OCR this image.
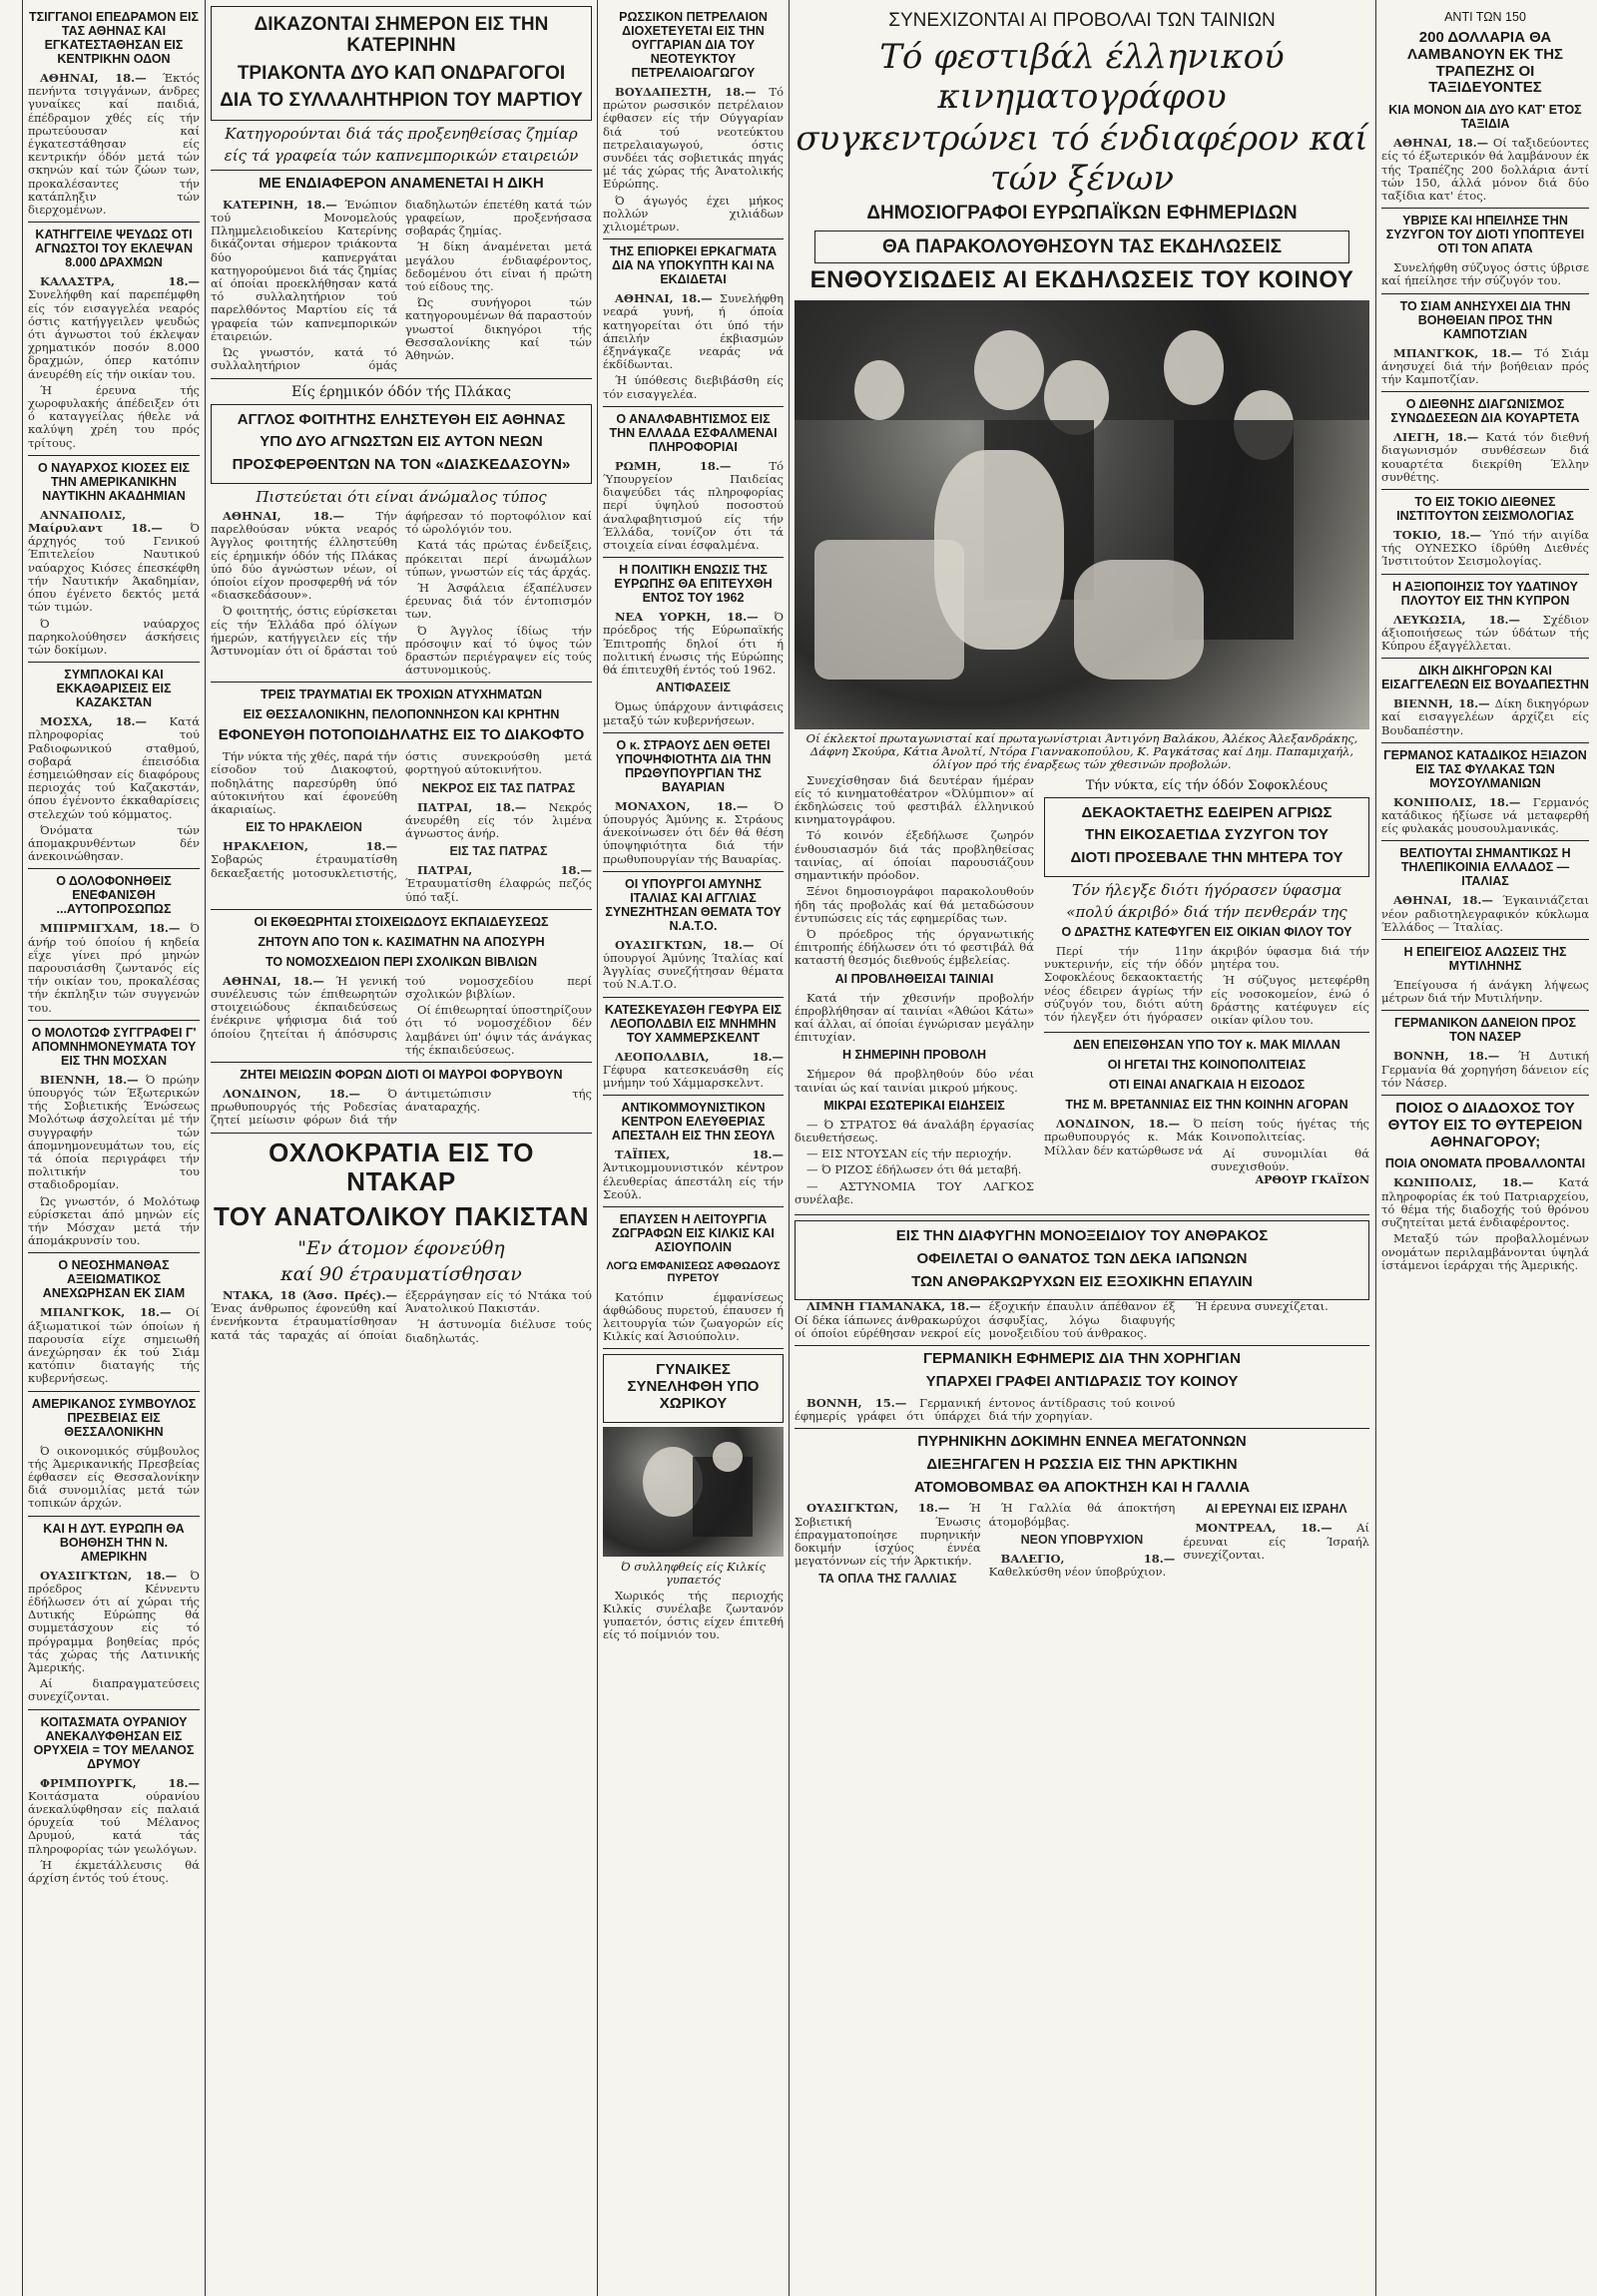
ΤΣΙΓΓΑΝΟΙ ΕΠΕΔΡΑΜΟΝ ΕΙΣ ΤΑΣ ΑΘΗΝΑΣ ΚΑΙ ΕΓΚΑΤΕΣΤΑΘΗΣΑΝ ΕΙΣ ΚΕΝΤΡΙΚΗΝ ΟΔΟΝ

ΑΘΗΝΑΙ, 18.— Έκτός πενήντα τσιγγάνων, άνδρες γυναίκες καί παιδιά, έπέδραμον χθές είς τήν πρωτεύουσαν καί έγκατεστάθησαν είς κεντρικήν όδόν μετά τών σκηνών καί τών ζώων των, προκαλέσαντες τήν κατάπληξιν τών διερχομένων.

ΚΑΤΗΓΓΕΙΛΕ ΨΕΥΔΩΣ ΟΤΙ ΑΓΝΩΣΤΟΙ ΤΟΥ ΕΚΛΕΨΑΝ 8.000 ΔΡΑΧΜΩΝ

ΚΑΛΑΣΤΡΑ, 18.— Συνελήφθη καί παρεπέμφθη είς τόν εισαγγελέα νεαρός όστις κατήγγειλεν ψευδώς ότι άγνωστοι τού έκλεψαν χρηματικόν ποσόν 8.000 δραχμών, όπερ κατόπιν άνευρέθη είς τήν οικίαν του.

Ή έρευνα τής χωροφυλακής άπέδειξεν ότι ό καταγγείλας ήθελε νά καλύψη χρέη του πρός τρίτους.

Ο ΝΑΥΑΡΧΟΣ ΚΙΟΣΕΣ ΕΙΣ ΤΗΝ ΑΜΕΡΙΚΑΝΙΚΗΝ ΝΑΥΤΙΚΗΝ ΑΚΑΔΗΜΙΑΝ

ΑΝΝΑΠΟΛΙΣ, Μαίρυλαντ 18.— Ό άρχηγός τού Γενικού Έπιτελείου Ναυτικού ναύαρχος Κιόσες έπεσκέφθη τήν Ναυτικήν Άκαδημίαν, όπου έγένετο δεκτός μετά τών τιμών.

Ό ναύαρχος παρηκολούθησεν άσκήσεις τών δοκίμων.

ΣΥΜΠΛΟΚΑΙ ΚΑΙ ΕΚΚΑΘΑΡΙΣΕΙΣ ΕΙΣ ΚΑΖΑΚΣΤΑΝ

ΜΟΣΧΑ, 18.— Κατά πληροφορίας τού Ραδιοφωνικού σταθμού, σοβαρά έπεισόδια έσημειώθησαν είς διαφόρους περιοχάς τού Καζακστάν, όπου έγένοντο έκκαθαρίσεις στελεχών τού κόμματος.

Όνόματα τών άπομακρυνθέντων δέν άνεκοινώθησαν.

Ο ΔΟΛΟΦΟΝΗΘΕΙΣ ΕΝΕΦΑΝΙΣΘΗ ...ΑΥΤΟΠΡΟΣΩΠΩΣ

ΜΠΙΡΜΙΓΧΑΜ, 18.— Ό άνήρ τού όποίου ή κηδεία εΐχε γίνει πρό μηνών παρουσιάσθη ζωντανός είς τήν οικίαν του, προκαλέσας τήν έκπληξιν τών συγγενών του.

Ο ΜΟΛΟΤΩΦ ΣΥΓΓΡΑΦΕΙ Γ' ΑΠΟΜΝΗΜΟΝΕΥΜΑΤΑ ΤΟΥ ΕΙΣ ΤΗΝ ΜΟΣΧΑΝ

ΒΙΕΝΝΗ, 18.— Ό πρώην ύπουργός τών Έξωτερικών τής Σοβιετικής Ένώσεως Μολότωφ άσχολείται μέ τήν συγγραφήν τών άπομνημονευμάτων του, είς τά όποία περιγράφει τήν πολιτικήν του σταδιοδρομίαν.

Ώς γνωστόν, ό Μολότωφ εύρίσκεται άπό μηνών είς τήν Μόσχαν μετά τήν άπομάκρυνσίν του.

Ο ΝΕΟΣΗΜΑΝΘΑΣ ΑΞΕΙΩΜΑΤΙΚΟΣ ΑΝΕΧΩΡΗΣΑΝ ΕΚ ΣΙΑΜ

ΜΠΑΝΓΚΟΚ, 18.— Οί άξιωματικοί τών όποίων ή παρουσία είχε σημειωθή άνεχώρησαν έκ τού Σιάμ κατόπιν διαταγής τής κυβερνήσεως.

ΑΜΕΡΙΚΑΝΟΣ ΣΥΜΒΟΥΛΟΣ ΠΡΕΣΒΕΙΑΣ ΕΙΣ ΘΕΣΣΑΛΟΝΙΚΗΝ

Ό οικονομικός σύμβουλος τής Άμερικανικής Πρεσβείας έφθασεν είς Θεσσαλονίκην διά συνομιλίας μετά τών τοπικών άρχών.

ΚΑΙ Η ΔΥΤ. ΕΥΡΩΠΗ ΘΑ ΒΟΗΘΗΣΗ ΤΗΝ Ν. ΑΜΕΡΙΚΗΝ

ΟΥΑΣΙΓΚΤΩΝ, 18.— Ό πρόεδρος Κέννεντυ έδήλωσεν ότι αί χώραι τής Δυτικής Εύρώπης θά συμμετάσχουν είς τό πρόγραμμα βοηθείας πρός τάς χώρας τής Λατινικής Άμερικής.

Αί διαπραγματεύσεις συνεχίζονται.

ΚΟΙΤΑΣΜΑΤΑ ΟΥΡΑΝΙΟΥ ΑΝΕΚΑΛΥΦΘΗΣΑΝ ΕΙΣ ΟΡΥΧΕΙΑ = ΤΟΥ ΜΕΛΑΝΟΣ ΔΡΥΜΟΥ

ΦΡΙΜΠΟΥΡΓΚ, 18.— Κοιτάσματα ούρανίου άνεκαλύφθησαν είς παλαιά όρυχεία τού Μέλανος Δρυμού, κατά τάς πληροφορίας τών γεωλόγων.

Ή έκμετάλλευσις θά άρχίση έντός τού έτους.

ΔΙΚΑΖΟΝΤΑΙ ΣΗΜΕΡΟΝ ΕΙΣ ΤΗΝ ΚΑΤΕΡΙΝΗΝ
ΤΡΙΑΚΟΝΤΑ ΔΥΟ ΚΑΠ ΟΝΔΡΑΓΟΓΟΙ
ΔΙΑ ΤΟ ΣΥΛΛΑΛΗΤΗΡΙΟΝ ΤΟΥ ΜΑΡΤΙΟΥ
Κατηγορούνται διά τάς προξενηθείσας ζημίαρ
είς τά γραφεία τών καπνεμπορικών εταιρειών
ΜΕ ΕΝΔΙΑΦΕΡΟΝ ΑΝΑΜΕΝΕΤΑΙ Η ΔΙΚΗ

ΚΑΤΕΡΙΝΗ, 18.— Ένώπιον τού Μονομελούς Πλημμελειοδικείου Κατερίνης δικάζονται σήμερον τριάκοντα δύο καπνεργάται κατηγορούμενοι διά τάς ζημίας αί όποίαι προεκλήθησαν κατά τό συλλαλητήριον τού παρελθόντος Μαρτίου είς τά γραφεία τών καπνεμπορικών έταιρειών.

Ώς γνωστόν, κατά τό συλλαλητήριον όμάς διαδηλωτών έπετέθη κατά τών γραφείων, προξενήσασα σοβαράς ζημίας.

Ή δίκη άναμένεται μετά μεγάλου ένδιαφέροντος, δεδομένου ότι είναι ή πρώτη τού είδους της.

Ώς συνήγοροι τών κατηγορουμένων θά παραστούν γνωστοί δικηγόροι τής Θεσσαλονίκης καί τών Άθηνών.

Είς έρημικόν όδόν τής Πλάκας
ΑΓΓΛΟΣ ΦΟΙΤΗΤΗΣ ΕΛΗΣΤΕΥΘΗ ΕΙΣ ΑΘΗΝΑΣ
ΥΠΟ ΔΥΟ ΑΓΝΩΣΤΩΝ ΕΙΣ ΑΥΤΟΝ ΝΕΩΝ
ΠΡΟΣΦΕΡΘΕΝΤΩΝ ΝΑ ΤΟΝ «ΔΙΑΣΚΕΔΑΣΟΥΝ»
Πιστεύεται ότι είναι άνώμαλος τύπος

ΑΘΗΝΑΙ, 18.— Τήν παρελθούσαν νύκτα νεαρός Άγγλος φοιτητής έλληστεύθη είς έρημικήν όδόν τής Πλάκας ύπό δύο άγνώστων νέων, οί όποίοι είχον προσφερθή νά τόν «διασκεδάσουν».

Ό φοιτητής, όστις εύρίσκεται είς τήν Έλλάδα πρό όλίγων ήμερών, κατήγγειλεν είς τήν Άστυνομίαν ότι οί δράσται τού άφήρεσαν τό πορτοφόλιον καί τό ώρολόγιόν του.

Κατά τάς πρώτας ένδείξεις, πρόκειται περί άνωμάλων τύπων, γνωστών είς τάς άρχάς.

Ή Άσφάλεια έξαπέλυσεν έρευνας διά τόν έντοπισμόν των.

Ό Άγγλος ίδίως τήν πρόσοψιν καί τό ύψος τών δραστών περιέγραψεν είς τούς άστυνομικούς.

ΤΡΕΙΣ ΤΡΑΥΜΑΤΙΑΙ ΕΚ ΤΡΟΧΙΩΝ ΑΤΥΧΗΜΑΤΩΝ
ΕΙΣ ΘΕΣΣΑΛΟΝΙΚΗΝ, ΠΕΛΟΠΟΝΝΗΣΟΝ ΚΑΙ ΚΡΗΤΗΝ
ΕΦΟΝΕΥΘΗ ΠΟΤΟΠΟΙΔΗΛΑΤΗΣ ΕΙΣ ΤΟ ΔΙΑΚΟΦΤΟ

Τήν νύκτα τής χθές, παρά τήν είσοδον τού Διακοφτού, ποδηλάτης παρεσύρθη ύπό αύτοκινήτου καί έφονεύθη άκαριαίως.

ΕΙΣ ΤΟ ΗΡΑΚΛΕΙΟΝ

ΗΡΑΚΛΕΙΟΝ, 18.— Σοβαρώς έτραυματίσθη δεκαεξαετής μοτοσυκλετιστής, όστις συνεκρούσθη μετά φορτηγού αύτοκινήτου.

ΝΕΚΡΟΣ ΕΙΣ ΤΑΣ ΠΑΤΡΑΣ

ΠΑΤΡΑΙ, 18.— Νεκρός άνευρέθη είς τόν λιμένα άγνωστος άνήρ.

ΕΙΣ ΤΑΣ ΠΑΤΡΑΣ

ΠΑΤΡΑΙ, 18.— Έτραυματίσθη έλαφρώς πεζός ύπό ταξί.

ΟΙ ΕΚΘΕΩΡΗΤΑΙ ΣΤΟΙΧΕΙΩΔΟΥΣ ΕΚΠΑΙΔΕΥΣΕΩΣ
ΖΗΤΟΥΝ ΑΠΟ ΤΟΝ κ. ΚΑΣΙΜΑΤΗΝ ΝΑ ΑΠΟΣΥΡΗ
ΤΟ ΝΟΜΟΣΧΕΔΙΟΝ ΠΕΡΙ ΣΧΟΛΙΚΩΝ ΒΙΒΛΙΩΝ

ΑΘΗΝΑΙ, 18.— Ή γενική συνέλευσις τών έπιθεωρητών στοιχειώδους έκπαιδεύσεως ένέκρινε ψήφισμα διά τού όποίου ζητείται ή άπόσυρσις τού νομοσχεδίου περί σχολικών βιβλίων.

Οί έπιθεωρηταί ύποστηρίζουν ότι τό νομοσχέδιον δέν λαμβάνει ύπ' όψιν τάς άνάγκας τής έκπαιδεύσεως.

ΖΗΤΕΙ ΜΕΙΩΣΙΝ ΦΟΡΩΝ ΔΙΟΤΙ ΟΙ ΜΑΥΡΟΙ ΦΟΡΥΒΟΥΝ

ΛΟΝΔΙΝΟΝ, 18.— Ό πρωθυπουργός τής Ροδεσίας ζητεί μείωσιν φόρων διά τήν άντιμετώπισιν τής άναταραχής.

ΟΧΛΟΚΡΑΤΙΑ ΕΙΣ ΤΟ ΝΤΑΚΑΡ
ΤΟΥ ΑΝΑΤΟΛΙΚΟΥ ΠΑΚΙΣΤΑΝ
"Εν άτομον έφονεύθη
καί 90 έτραυματίσθησαν

ΝΤΑΚΑ, 18 (Άσσ. Πρές).— Ένας άνθρωπος έφονεύθη καί ένενήκοντα έτραυματίσθησαν κατά τάς ταραχάς αί όποίαι έξερράγησαν είς τό Ντάκα τού Άνατολικού Πακιστάν.

Ή άστυνομία διέλυσε τούς διαδηλωτάς.

ΡΩΣΣΙΚΟΝ ΠΕΤΡΕΛΑΙΟΝ ΔΙΟΧΕΤΕΥΕΤΑΙ ΕΙΣ ΤΗΝ ΟΥΓΓΑΡΙΑΝ ΔΙΑ ΤΟΥ ΝΕΟΤΕΥΚΤΟΥ ΠΕΤΡΕΛΑΙΟΑΓΩΓΟΥ

ΒΟΥΔΑΠΕΣΤΗ, 18.— Τό πρώτον ρωσσικόν πετρέλαιον έφθασεν είς τήν Ούγγαρίαν διά τού νεοτεύκτου πετρελαιαγωγού, όστις συνδέει τάς σοβιετικάς πηγάς μέ τάς χώρας τής Άνατολικής Εύρώπης.

Ό άγωγός έχει μήκος πολλών χιλιάδων χιλιομέτρων.

ΤΗΣ ΕΠΙΟΡΚΕΙ ΕΡΚΑΓΜΑΤΑ ΔΙΑ ΝΑ ΥΠΟΚΥΠΤΗ ΚΑΙ ΝΑ ΕΚΔΙΔΕΤΑΙ

ΑΘΗΝΑΙ, 18.— Συνελήφθη νεαρά γυνή, ή όποία κατηγορείται ότι ύπό τήν άπειλήν έκβιασμών έξηνάγκαζε νεαράς νά έκδίδωνται.

Ή ύπόθεσις διεβιβάσθη είς τόν εισαγγελέα.

Ο ΑΝΑΛΦΑΒΗΤΙΣΜΟΣ ΕΙΣ ΤΗΝ ΕΛΛΑΔΑ ΕΣΦΑΛΜΕΝΑΙ ΠΛΗΡΟΦΟΡΙΑΙ

ΡΩΜΗ, 18.— Τό Ύπουργείον Παιδείας διαψεύδει τάς πληροφορίας περί ύψηλού ποσοστού άναλφαβητισμού είς τήν Έλλάδα, τονίζον ότι τά στοιχεία είναι έσφαλμένα.

Η ΠΟΛΙΤΙΚΗ ΕΝΩΣΙΣ ΤΗΣ ΕΥΡΩΠΗΣ ΘΑ ΕΠΙΤΕΥΧΘΗ ΕΝΤΟΣ ΤΟΥ 1962

ΝΕΑ ΥΟΡΚΗ, 18.— Ό πρόεδρος τής Εύρωπαϊκής Έπιτροπής δηλοί ότι ή πολιτική ένωσις τής Εύρώπης θά έπιτευχθή έντός τού 1962.

ΑΝΤΙΦΑΣΕΙΣ

Όμως ύπάρχουν άντιφάσεις μεταξύ τών κυβερνήσεων.

Ο κ. ΣΤΡΑΟΥΣ ΔΕΝ ΘΕΤΕΙ ΥΠΟΨΗΦΙΟΤΗΤΑ ΔΙΑ ΤΗΝ ΠΡΩΘΥΠΟΥΡΓΙΑΝ ΤΗΣ ΒΑΥΑΡΙΑΝ

ΜΟΝΑΧΟΝ, 18.— Ό ύπουργός Άμύνης κ. Στράους άνεκοίνωσεν ότι δέν θά θέση ύποψηφιότητα διά τήν πρωθυπουργίαν τής Βαυαρίας.

ΟΙ ΥΠΟΥΡΓΟΙ ΑΜΥΝΗΣ ΙΤΑΛΙΑΣ ΚΑΙ ΑΓΓΛΙΑΣ ΣΥΝΕΖΗΤΗΣΑΝ ΘΕΜΑΤΑ ΤΟΥ Ν.Α.Τ.Ο.

ΟΥΑΣΙΓΚΤΩΝ, 18.— Οί ύπουργοί Άμύνης Ίταλίας καί Άγγλίας συνεζήτησαν θέματα τού Ν.Α.Τ.Ο.

ΚΑΤΕΣΚΕΥΑΣΘΗ ΓΕΦΥΡΑ ΕΙΣ ΛΕΟΠΟΛΔΒΙΛ ΕΙΣ ΜΝΗΜΗΝ ΤΟΥ ΧΑΜΜΕΡΣΚΕΛΝΤ

ΛΕΟΠΟΛΔΒΙΛ, 18.— Γέφυρα κατεσκευάσθη είς μνήμην τού Χάμμαρσκελντ.

ΑΝΤΙΚΟΜΜΟΥΝΙΣΤΙΚΟΝ ΚΕΝΤΡΟΝ ΕΛΕΥΘΕΡΙΑΣ ΑΠΕΣΤΑΛΗ ΕΙΣ ΤΗΝ ΣΕΟΥΛ

ΤΑΪΠΕΧ, 18.— Άντικομμουνιστικόν κέντρον έλευθερίας άπεστάλη είς τήν Σεούλ.

ΕΠΑΥΣΕΝ Η ΛΕΙΤΟΥΡΓΙΑ ΖΩΓΡΑΦΩΝ ΕΙΣ ΚΙΛΚΙΣ ΚΑΙ ΑΣΙΟΥΠΟΛΙΝ
ΛΟΓΩ ΕΜΦΑΝΙΣΕΩΣ ΑΦΘΩΔΟΥΣ ΠΥΡΕΤΟΥ

Κατόπιν έμφανίσεως άφθώδους πυρετού, έπαυσεν ή λειτουργία τών ζωαγορών είς Κιλκίς καί Άσιούπολιν.

ΓΥΝΑΙΚΕΣ ΣΥΝΕΛΗΦΘΗ ΥΠΟ ΧΩΡΙΚΟΥ
Ό συλληφθείς είς Κιλκίς γυπαετός

Χωρικός τής περιοχής Κιλκίς συνέλαβε ζωντανόν γυπαετόν, όστις είχεν έπιτεθή είς τό ποίμνιόν του.

ΣΥΝΕΧΙΖΟΝΤΑΙ ΑΙ ΠΡΟΒΟΛΑΙ ΤΩΝ ΤΑΙΝΙΩΝ
Τό φεστιβάλ έλληνικού κινηματογράφου
συγκεντρώνει τό ένδιαφέρον καί τών ξένων
ΔΗΜΟΣΙΟΓΡΑΦΟΙ ΕΥΡΩΠΑΪΚΩΝ ΕΦΗΜΕΡΙΔΩΝ
ΘΑ ΠΑΡΑΚΟΛΟΥΘΗΣΟΥΝ ΤΑΣ ΕΚΔΗΛΩΣΕΙΣ
ΕΝΘΟΥΣΙΩΔΕΙΣ ΑΙ ΕΚΔΗΛΩΣΕΙΣ ΤΟΥ ΚΟΙΝΟΥ
Οί έκλεκτοί πρωταγωνισταί καί πρωταγωνίστριαι Άντιγόνη Βαλάκου, Άλέκος Άλεξανδράκης, Δάφνη Σκούρα, Κάτια Άνολτί, Ντόρα Γιαννακοπούλου, Κ. Ραγκάτσας καί Δημ. Παπαμιχαήλ, όλίγον πρό τής έναρξεως τών χθεσινών προβολών.

Συνεχίσθησαν διά δευτέραν ήμέραν είς τό κινηματοθέατρον «Όλύμπιον» αί έκδηλώσεις τού φεστιβάλ έλληνικού κινηματογράφου.

Τό κοινόν έξεδήλωσε ζωηρόν ένθουσιασμόν διά τάς προβληθείσας ταινίας, αί όποίαι παρουσιάζουν σημαντικήν πρόοδον.

Ξένοι δημοσιογράφοι παρακολουθούν ήδη τάς προβολάς καί θά μεταδώσουν έντυπώσεις είς τάς εφημερίδας των.

Ό πρόεδρος τής όργανωτικής έπιτροπής έδήλωσεν ότι τό φεστιβάλ θά καταστή θεσμός διεθνούς έμβελείας.

ΑΙ ΠΡΟΒΛΗΘΕΙΣΑΙ ΤΑΙΝΙΑΙ

Κατά τήν χθεσινήν προβολήν έπροβλήθησαν αί ταινίαι «Άθώοι Κάτω» καί άλλαι, αί όποίαι έγνώρισαν μεγάλην έπιτυχίαν.

Η ΣΗΜΕΡΙΝΗ ΠΡΟΒΟΛΗ

Σήμερον θά προβληθούν δύο νέαι ταινίαι ώς καί ταινίαι μικρού μήκους.

ΜΙΚΡΑΙ ΕΣΩΤΕΡΙΚΑΙ ΕΙΔΗΣΕΙΣ

— Ό ΣΤΡΑΤΟΣ θά άναλάβη έργασίας διευθετήσεως.

— ΕΙΣ ΝΤΟΥΣΑΝ είς τήν περιοχήν.

— Ό ΡΙΖΟΣ έδήλωσεν ότι θά μεταβή.

— ΑΣΤΥΝΟΜΙΑ ΤΟΥ ΛΑΓΚΟΣ συνέλαβε.

Τήν νύκτα, είς τήν όδόν Σοφοκλέους
ΔΕΚΑΟΚΤΑΕΤΗΣ ΕΔΕΙΡΕΝ ΑΓΡΙΩΣ
ΤΗΝ ΕΙΚΟΣΑΕΤΙΔΑ ΣΥΖΥΓΟΝ ΤΟΥ
ΔΙΟΤΙ ΠΡΟΣΕΒΑΛΕ ΤΗΝ ΜΗΤΕΡΑ ΤΟΥ
Τόν ήλεγξε διότι ήγόρασεν ύφασμα
«πολύ άκριβό» διά τήν πενθεράν της
Ο ΔΡΑΣΤΗΣ ΚΑΤΕΦΥΓΕΝ ΕΙΣ ΟΙΚΙΑΝ ΦΙΛΟΥ ΤΟΥ

Περί τήν 11ην νυκτερινήν, είς τήν όδόν Σοφοκλέους δεκαοκταετής νέος έδειρεν άγρίως τήν σύζυγόν του, διότι αύτη τόν ήλεγξεν ότι ήγόρασεν άκριβόν ύφασμα διά τήν μητέρα του.

Ή σύζυγος μετεφέρθη είς νοσοκομείον, ένώ ό δράστης κατέφυγεν είς οικίαν φίλου του.

ΔΕΝ ΕΠΕΙΣΘΗΣΑΝ ΥΠΟ ΤΟΥ κ. ΜΑΚ ΜΙΛΛΑΝ
ΟΙ ΗΓΕΤΑΙ ΤΗΣ ΚΟΙΝΟΠΟΛΙΤΕΙΑΣ
ΟΤΙ ΕΙΝΑΙ ΑΝΑΓΚΑΙΑ Η ΕΙΣΟΔΟΣ
ΤΗΣ Μ. ΒΡΕΤΑΝΝΙΑΣ ΕΙΣ ΤΗΝ ΚΟΙΝΗΝ ΑΓΟΡΑΝ

ΛΟΝΔΙΝΟΝ, 18.— Ό πρωθυπουργός κ. Μάκ Μίλλαν δέν κατώρθωσε νά πείση τούς ήγέτας τής Κοινοπολιτείας.

Αί συνομιλίαι θά συνεχισθούν.

ΑΡΘΟΥΡ ΓΚΑΪΣΟΝ
ΕΙΣ ΤΗΝ ΔΙΑΦΥΓΗΝ ΜΟΝΟΞΕΙΔΙΟΥ ΤΟΥ ΑΝΘΡΑΚΟΣ
ΟΦΕΙΛΕΤΑΙ Ο ΘΑΝΑΤΟΣ ΤΩΝ ΔΕΚΑ ΙΑΠΩΝΩΝ
ΤΩΝ ΑΝΘΡΑΚΩΡΥΧΩΝ ΕΙΣ ΕΞΟΧΙΚΗΝ ΕΠΑΥΛΙΝ

ΛΙΜΝΗ ΓΙΑΜΑΝΑΚΑ, 18.— Οί δέκα ίάπωνες άνθρακωρύχοι οί όποίοι εύρέθησαν νεκροί είς έξοχικήν έπαυλιν άπέθανον έξ άσφυξίας, λόγω διαφυγής μονοξειδίου τού άνθρακος.

Ή έρευνα συνεχίζεται.

ΓΕΡΜΑΝΙΚΗ ΕΦΗΜΕΡΙΣ ΔΙΑ ΤΗΝ ΧΟΡΗΓΙΑΝ
ΥΠΑΡΧΕΙ ΓΡΑΦΕΙ ΑΝΤΙΔΡΑΣΙΣ ΤΟΥ ΚΟΙΝΟΥ

ΒΟΝΝΗ, 15.— Γερμανική έφημερίς γράφει ότι ύπάρχει έντονος άντίδρασις τού κοινού διά τήν χορηγίαν.

ΠΥΡΗΝΙΚΗΝ ΔΟΚΙΜΗΝ ΕΝΝΕΑ ΜΕΓΑΤΟΝΝΩΝ
ΔΙΕΞΗΓΑΓΕΝ Η ΡΩΣΣΙΑ ΕΙΣ ΤΗΝ ΑΡΚΤΙΚΗΝ
ΑΤΟΜΟΒΟΜΒΑΣ ΘΑ ΑΠΟΚΤΗΣΗ ΚΑΙ Η ΓΑΛΛΙΑ

ΟΥΑΣΙΓΚΤΩΝ, 18.— Ή Σοβιετική Ένωσις έπραγματοποίησε πυρηνικήν δοκιμήν ίσχύος έννέα μεγατόννων είς τήν Άρκτικήν.

ΤΑ ΟΠΛΑ ΤΗΣ ΓΑΛΛΙΑΣ

Ή Γαλλία θά άποκτήση άτομοβόμβας.

ΝΕΟΝ ΥΠΟΒΡΥΧΙΟΝ

ΒΑΛΕΓΙΟ, 18.— Καθελκύσθη νέον ύποβρύχιον.

ΑΙ ΕΡΕΥΝΑΙ ΕΙΣ ΙΣΡΑΗΛ

ΜΟΝΤΡΕΑΛ, 18.— Αί έρευναι είς Ίσραήλ συνεχίζονται.

ΑΝΤΙ ΤΩΝ 150
200 ΔΟΛΛΑΡΙΑ ΘΑ ΛΑΜΒΑΝΟΥΝ ΕΚ ΤΗΣ ΤΡΑΠΕΖΗΣ ΟΙ ΤΑΞΙΔΕΥΟΝΤΕΣ
ΚΙΑ ΜΟΝΟΝ ΔΙΑ ΔΥΟ ΚΑΤ' ΕΤΟΣ ΤΑΞΙΔΙΑ

ΑΘΗΝΑΙ, 18.— Οί ταξιδεύοντες είς τό έξωτερικόν θά λαμβάνουν έκ τής Τραπέζης 200 δολλάρια άντί τών 150, άλλά μόνον διά δύο ταξίδια κατ' έτος.

ΥΒΡΙΣΕ ΚΑΙ ΗΠΕΙΛΗΣΕ ΤΗΝ ΣΥΖΥΓΟΝ ΤΟΥ ΔΙΟΤΙ ΥΠΟΠΤΕΥΕΙ ΟΤΙ ΤΟΝ ΑΠΑΤΑ

Συνελήφθη σύζυγος όστις ύβρισε καί ήπείλησε τήν σύζυγόν του.

ΤΟ ΣΙΑΜ ΑΝΗΣΥΧΕΙ ΔΙΑ ΤΗΝ ΒΟΗΘΕΙΑΝ ΠΡΟΣ ΤΗΝ ΚΑΜΠΟΤΖΙΑΝ

ΜΠΑΝΓΚΟΚ, 18.— Τό Σιάμ άνησυχεί διά τήν βοήθειαν πρός τήν Καμποτζίαν.

Ο ΔΙΕΘΝΗΣ ΔΙΑΓΩΝΙΣΜΟΣ ΣΥΝΩΔΕΣΕΩΝ ΔΙΑ ΚΟΥΑΡΤΕΤΑ

ΛΙΕΓΗ, 18.— Κατά τόν διεθνή διαγωνισμόν συνθέσεων διά κουαρτέτα διεκρίθη Έλλην συνθέτης.

ΤΟ ΕΙΣ ΤΟΚΙΟ ΔΙΕΘΝΕΣ ΙΝΣΤΙΤΟΥΤΟΝ ΣΕΙΣΜΟΛΟΓΙΑΣ

ΤΟΚΙΟ, 18.— Ύπό τήν αιγίδα τής ΟΥΝΕΣΚΟ ίδρύθη Διεθνές Ίνστιτούτον Σεισμολογίας.

Η ΑΞΙΟΠΟΙΗΣΙΣ ΤΟΥ ΥΔΑΤΙΝΟΥ ΠΛΟΥΤΟΥ ΕΙΣ ΤΗΝ ΚΥΠΡΟΝ

ΛΕΥΚΩΣΙΑ, 18.— Σχέδιον άξιοποιήσεως τών ύδάτων τής Κύπρου έξαγγέλλεται.

ΔΙΚΗ ΔΙΚΗΓΟΡΩΝ ΚΑΙ ΕΙΣΑΓΓΕΛΕΩΝ ΕΙΣ ΒΟΥΔΑΠΕΣΤΗΝ

ΒΙΕΝΝΗ, 18.— Δίκη δικηγόρων καί εισαγγελέων άρχίζει είς Βουδαπέστην.

ΓΕΡΜΑΝΟΣ ΚΑΤΑΔΙΚΟΣ ΗΞΙΑΖΟΝ ΕΙΣ ΤΑΣ ΦΥΛΑΚΑΣ ΤΩΝ ΜΟΥΣΟΥΛΜΑΝΙΩΝ

ΚΟΝΙΠΟΛΙΣ, 18.— Γερμανός κατάδικος ήξίωσε νά μεταφερθή είς φυλακάς μουσουλμανικάς.

ΒΕΛΤΙΟΥΤΑΙ ΣΗΜΑΝΤΙΚΩΣ Η ΤΗΛΕΠΙΚΟΙΝΙΑ ΕΛΛΑΔΟΣ — ΙΤΑΛΙΑΣ

ΑΘΗΝΑΙ, 18.— Έγκαινιάζεται νέον ραδιοτηλεγραφικόν κύκλωμα Έλλάδος — Ίταλίας.

Η ΕΠΕΙΓΕΙΟΣ ΑΛΩΣΕΙΣ ΤΗΣ ΜΥΤΙΛΗΝΗΣ

Έπείγουσα ή άνάγκη λήψεως μέτρων διά τήν Μυτιλήνην.

ΓΕΡΜΑΝΙΚΟΝ ΔΑΝΕΙΟΝ ΠΡΟΣ ΤΟΝ ΝΑΣΕΡ

ΒΟΝΝΗ, 18.— Ή Δυτική Γερμανία θά χορηγήση δάνειον είς τόν Νάσερ.

ΠΟΙΟΣ Ο ΔΙΑΔΟΧΟΣ ΤΟΥ ΘΥΤΟΥ ΕΙΣ ΤΟ ΘΥΤΕΡΕΙΟΝ ΑΘΗΝΑΓΟΡΟΥ;
ΠΟΙΑ ΟΝΟΜΑΤΑ ΠΡΟΒΑΛΛΟΝΤΑΙ

ΚΩΝΙΠΟΛΙΣ, 18.— Κατά πληροφορίας έκ τού Πατριαρχείου, τό θέμα τής διαδοχής τού θρόνου συζητείται μετά ένδιαφέροντος.

Μεταξύ τών προβαλλομένων ονομάτων περιλαμβάνονται ύψηλά ίστάμενοι ίεράρχαι τής Άμερικής.
